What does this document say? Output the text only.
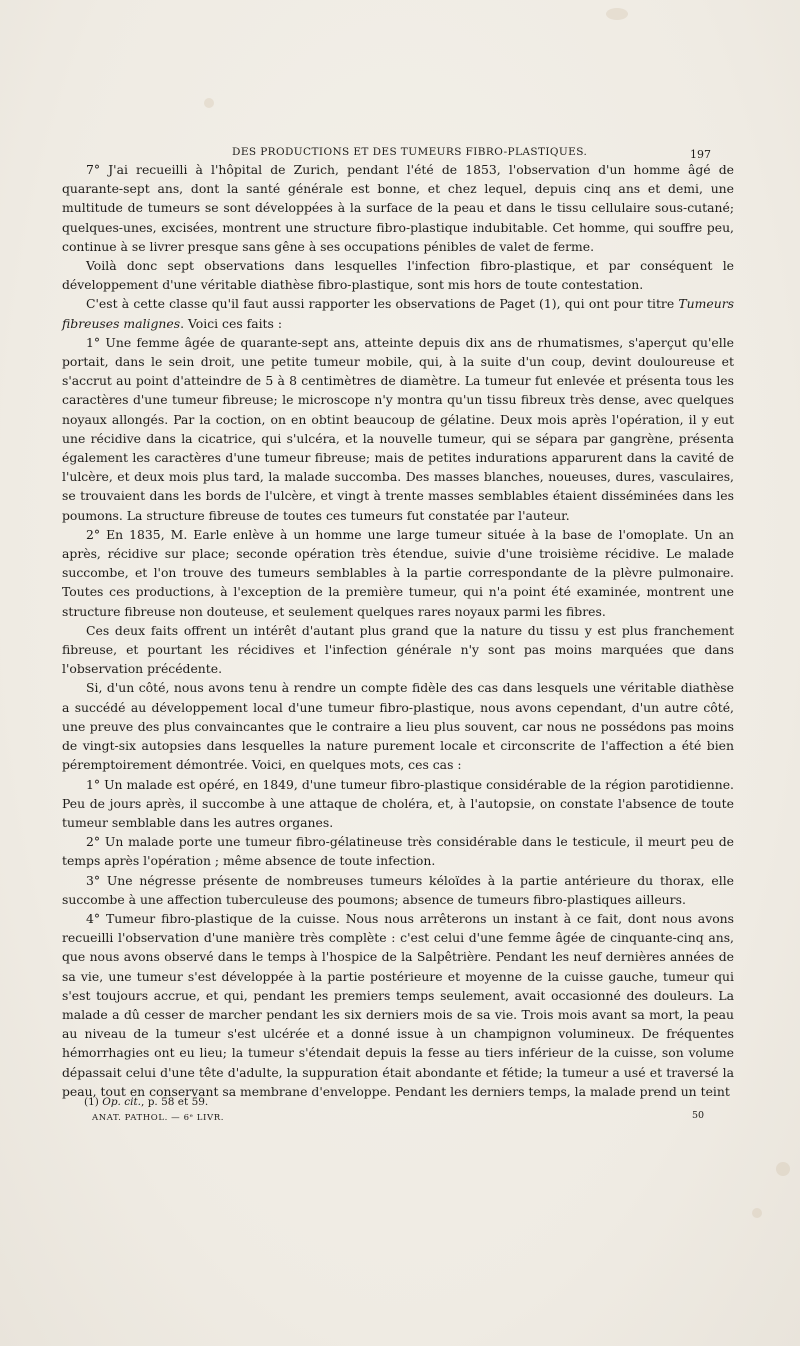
DES PRODUCTIONS ET DES TUMEURS FIBRO-PLASTIQUES.	197

7° J'ai recueilli à l'hôpital de Zurich, pendant l'été de 1853, l'observation d'un homme âgé de quarante-sept ans, dont la santé générale est bonne, et chez lequel, depuis cinq ans et demi, une multitude de tumeurs se sont développées à la surface de la peau et dans le tissu cellulaire sous-cutané; quelques-unes, excisées, montrent une structure fibro-plastique indubitable. Cet homme, qui souffre peu, continue à se livrer presque sans gêne à ses occupations pénibles de valet de ferme.

Voilà donc sept observations dans lesquelles l'infection fibro-plastique, et par conséquent le développement d'une véritable diathèse fibro-plastique, sont mis hors de toute contestation.

C'est à cette classe qu'il faut aussi rapporter les observations de Paget (1), qui ont pour titre Tumeurs fibreuses malignes. Voici ces faits :

1° Une femme âgée de quarante-sept ans, atteinte depuis dix ans de rhumatismes, s'aperçut qu'elle portait, dans le sein droit, une petite tumeur mobile, qui, à la suite d'un coup, devint douloureuse et s'accrut au point d'atteindre de 5 à 8 centimètres de diamètre. La tumeur fut enlevée et présenta tous les caractères d'une tumeur fibreuse; le microscope n'y montra qu'un tissu fibreux très dense, avec quelques noyaux allongés. Par la coction, on en obtint beaucoup de gélatine. Deux mois après l'opération, il y eut une récidive dans la cicatrice, qui s'ulcéra, et la nouvelle tumeur, qui se sépara par gangrène, présenta également les caractères d'une tumeur fibreuse; mais de petites indurations apparurent dans la cavité de l'ulcère, et deux mois plus tard, la malade succomba. Des masses blanches, noueuses, dures, vasculaires, se trouvaient dans les bords de l'ulcère, et vingt à trente masses semblables étaient disséminées dans les poumons. La structure fibreuse de toutes ces tumeurs fut constatée par l'auteur.

2° En 1835, M. Earle enlève à un homme une large tumeur située à la base de l'omoplate. Un an après, récidive sur place; seconde opération très étendue, suivie d'une troisième récidive. Le malade succombe, et l'on trouve des tumeurs semblables à la partie correspondante de la plèvre pulmonaire. Toutes ces productions, à l'exception de la première tumeur, qui n'a point été examinée, montrent une structure fibreuse non douteuse, et seulement quelques rares noyaux parmi les fibres.

Ces deux faits offrent un intérêt d'autant plus grand que la nature du tissu y est plus franchement fibreuse, et pourtant les récidives et l'infection générale n'y sont pas moins marquées que dans l'observation précédente.

Si, d'un côté, nous avons tenu à rendre un compte fidèle des cas dans lesquels une véritable diathèse a succédé au développement local d'une tumeur fibro-plastique, nous avons cependant, d'un autre côté, une preuve des plus convaincantes que le contraire a lieu plus souvent, car nous ne possédons pas moins de vingt-six autopsies dans lesquelles la nature purement locale et circonscrite de l'affection a été bien péremptoirement démontrée. Voici, en quelques mots, ces cas :

1° Un malade est opéré, en 1849, d'une tumeur fibro-plastique considérable de la région parotidienne. Peu de jours après, il succombe à une attaque de choléra, et, à l'autopsie, on constate l'absence de toute tumeur semblable dans les autres organes.

2° Un malade porte une tumeur fibro-gélatineuse très considérable dans le testicule, il meurt peu de temps après l'opération ; même absence de toute infection.

3° Une négresse présente de nombreuses tumeurs kéloïdes à la partie antérieure du thorax, elle succombe à une affection tuberculeuse des poumons; absence de tumeurs fibro-plastiques ailleurs.

4° Tumeur fibro-plastique de la cuisse. Nous nous arrêterons un instant à ce fait, dont nous avons recueilli l'observation d'une manière très complète : c'est celui d'une femme âgée de cinquante-cinq ans, que nous avons observé dans le temps à l'hospice de la Salpêtrière. Pendant les neuf dernières années de sa vie, une tumeur s'est développée à la partie postérieure et moyenne de la cuisse gauche, tumeur qui s'est toujours accrue, et qui, pendant les premiers temps seulement, avait occasionné des douleurs. La malade a dû cesser de marcher pendant les six derniers mois de sa vie. Trois mois avant sa mort, la peau au niveau de la tumeur s'est ulcérée et a donné issue à un champignon volumineux. De fréquentes hémorrhagies ont eu lieu; la tumeur s'étendait depuis la fesse au tiers inférieur de la cuisse, son volume dépassait celui d'une tête d'adulte, la suppuration était abondante et fétide; la tumeur a usé et traversé la peau, tout en conservant sa membrane d'enveloppe. Pendant les derniers temps, la malade prend un teint

(1) Op. cit., p. 58 et 59.
ANAT. PATHOL. — 6ᵉ LIVR.	50
